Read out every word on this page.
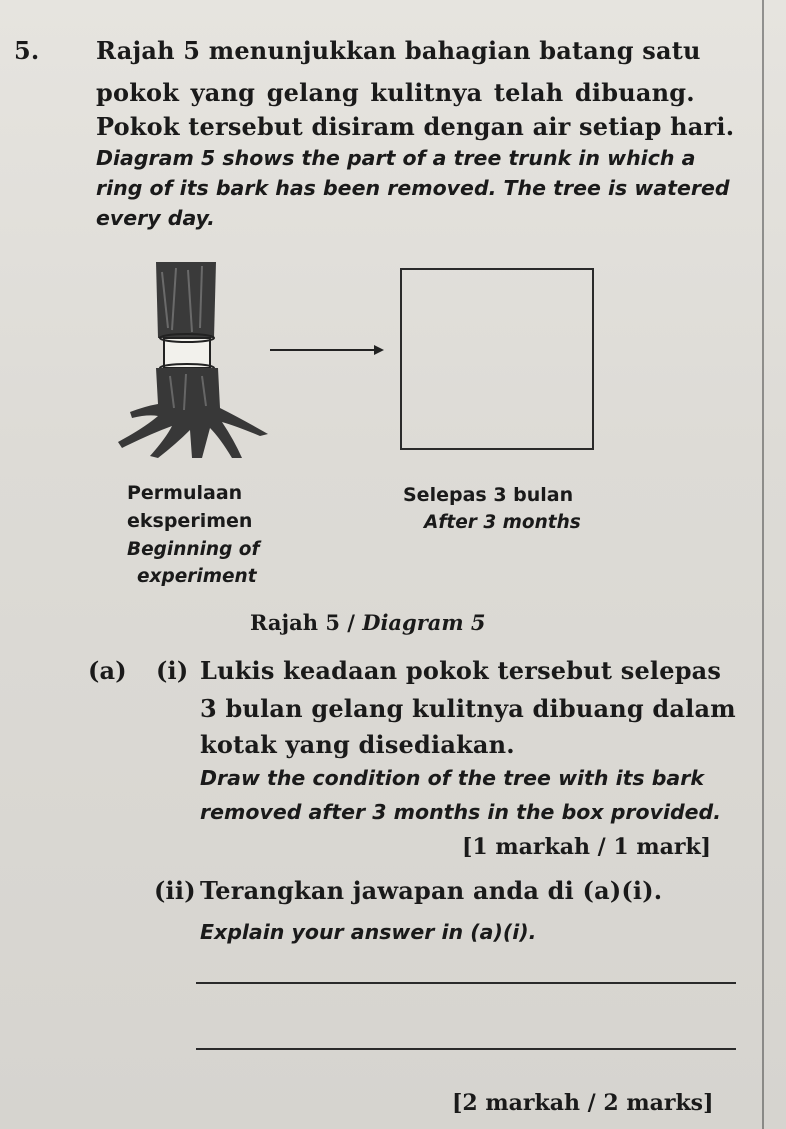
5. Rajah 5 menunjukkan bahagian batang satu
pokok yang gelang kulitnya telah dibuang.
Pokok tersebut disiram dengan air setiap hari.
Diagram 5 shows the part of a tree trunk in which a
ring of its bark has been removed. The tree is watered
every day.
Permulaan
eksperimen
Beginning of
experiment
Selepas 3 bulan
After 3 months
Rajah 5 / Diagram 5
(a) (i) Lukis keadaan pokok tersebut selepas
3 bulan gelang kulitnya dibuang dalam
kotak yang disediakan.
Draw the condition of the tree with its bark
removed after 3 months in the box provided.
[1 markah / 1 mark]
(ii) Terangkan jawapan anda di (a)(i).
Explain your answer in (a)(i).
[2 markah / 2 marks]
